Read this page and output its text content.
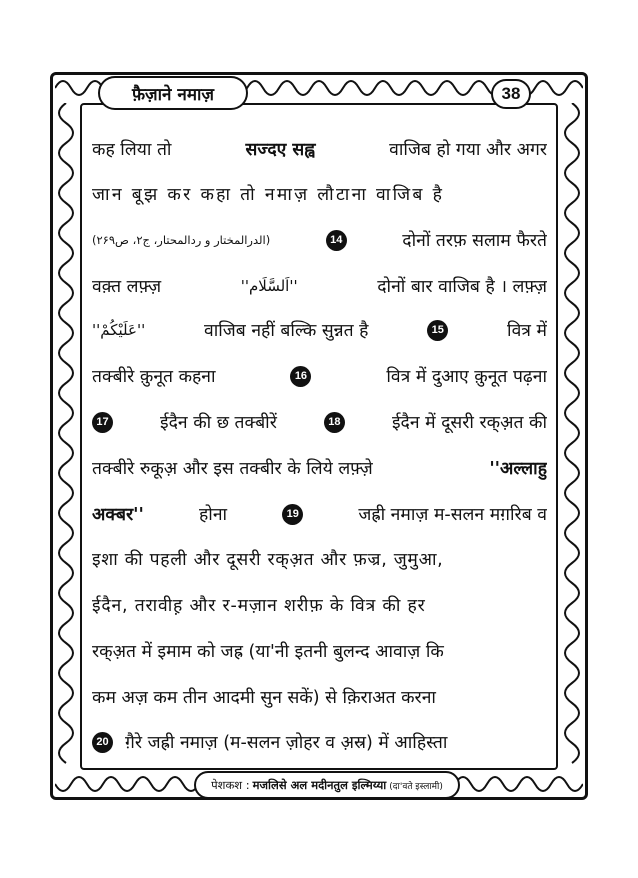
फ़ैज़ाने नमाज़	38
कह लिया तो	सज्दए सह्व	वाजिब हो गया और अगर
जान बूझ कर कहा तो नमाज़ लौटाना वाजिब है
(الدرالمختار و ردالمحتار، ج۲، ص۲۶۹)	14	दोनों तरफ़ सलाम फैरते
वक़्त लफ़्ज़	''اَلسَّلَام''	दोनों बार वाजिब है । लफ़्ज़
''عَلَيْكُمْ''	वाजिब नहीं बल्कि सुन्नत है	15	वित्र में
तक्बीरे क़ुनूत कहना	16	वित्र में दुआए क़ुनूत पढ़ना
17	ईदैन की छ तक्बीरें	18	ईदैन में दूसरी रक्अ़त की
तक्बीरे रुकूअ़ और इस तक्बीर के लिये लफ़्ज़े	''अल्लाहु
अक्बर''	होना	19	जह्री नमाज़ म-सलन मग़रिब व
इशा की पहली और दूसरी रक्अ़त और फ़ज्र, जुमुआ,
ईदैन, तरावीह़ और र-मज़ान शरीफ़ के वित्र की हर
रक्अ़त में इमाम को जह्र (या'नी इतनी बुलन्द आवाज़ कि
कम अज़ कम तीन आदमी सुन सकें) से क़िराअत करना
20 ग़ैरे जह्री नमाज़ (म-सलन ज़ोहर व अ़स्र) में आहिस्ता
पेशकश : मजलिसे अल मदीनतुल इल्मिय्या (दा'वते इस्लामी)
